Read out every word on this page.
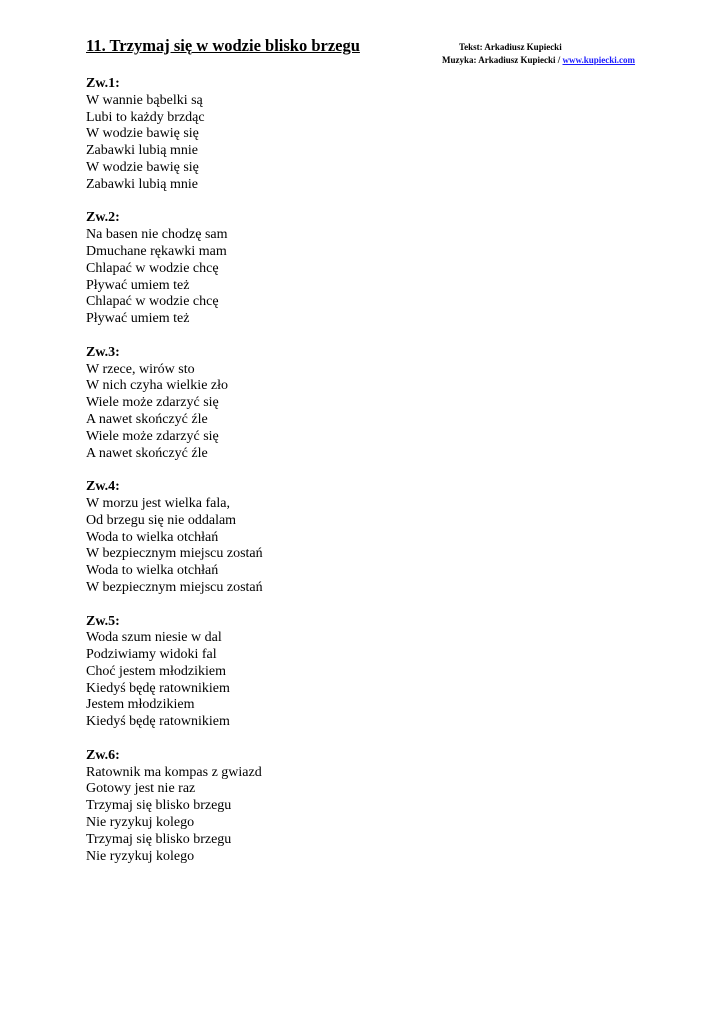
11. Trzymaj się w wodzie blisko brzegu	Tekst: Arkadiusz Kupiecki
Muzyka: Arkadiusz Kupiecki / www.kupiecki.com
Zw.1:
W wannie bąbelki są
Lubi to każdy brzdąc
W wodzie bawię się
Zabawki lubią mnie
W wodzie bawię się
Zabawki lubią mnie
Zw.2:
Na basen nie chodzę sam
Dmuchane rękawki mam
Chlapać w wodzie chcę
Pływać umiem też
Chlapać w wodzie chcę
Pływać umiem też
Zw.3:
W rzece, wirów sto
W nich czyha wielkie zło
Wiele może zdarzyć się
A nawet skończyć źle
Wiele może zdarzyć się
A nawet skończyć źle
Zw.4:
W morzu jest wielka fala,
Od brzegu się nie oddalam
Woda to wielka otchłań
W bezpiecznym miejscu zostań
Woda to wielka otchłań
W bezpiecznym miejscu zostań
Zw.5:
Woda szum niesie w dal
Podziwiamy widoki fal
Choć jestem młodzikiem
Kiedyś będę ratownikiem
Jestem młodzikiem
Kiedyś będę ratownikiem
Zw.6:
Ratownik ma kompas z gwiazd
Gotowy jest nie raz
Trzymaj się blisko brzegu
Nie ryzykuj kolego
Trzymaj się blisko brzegu
Nie ryzykuj kolego
